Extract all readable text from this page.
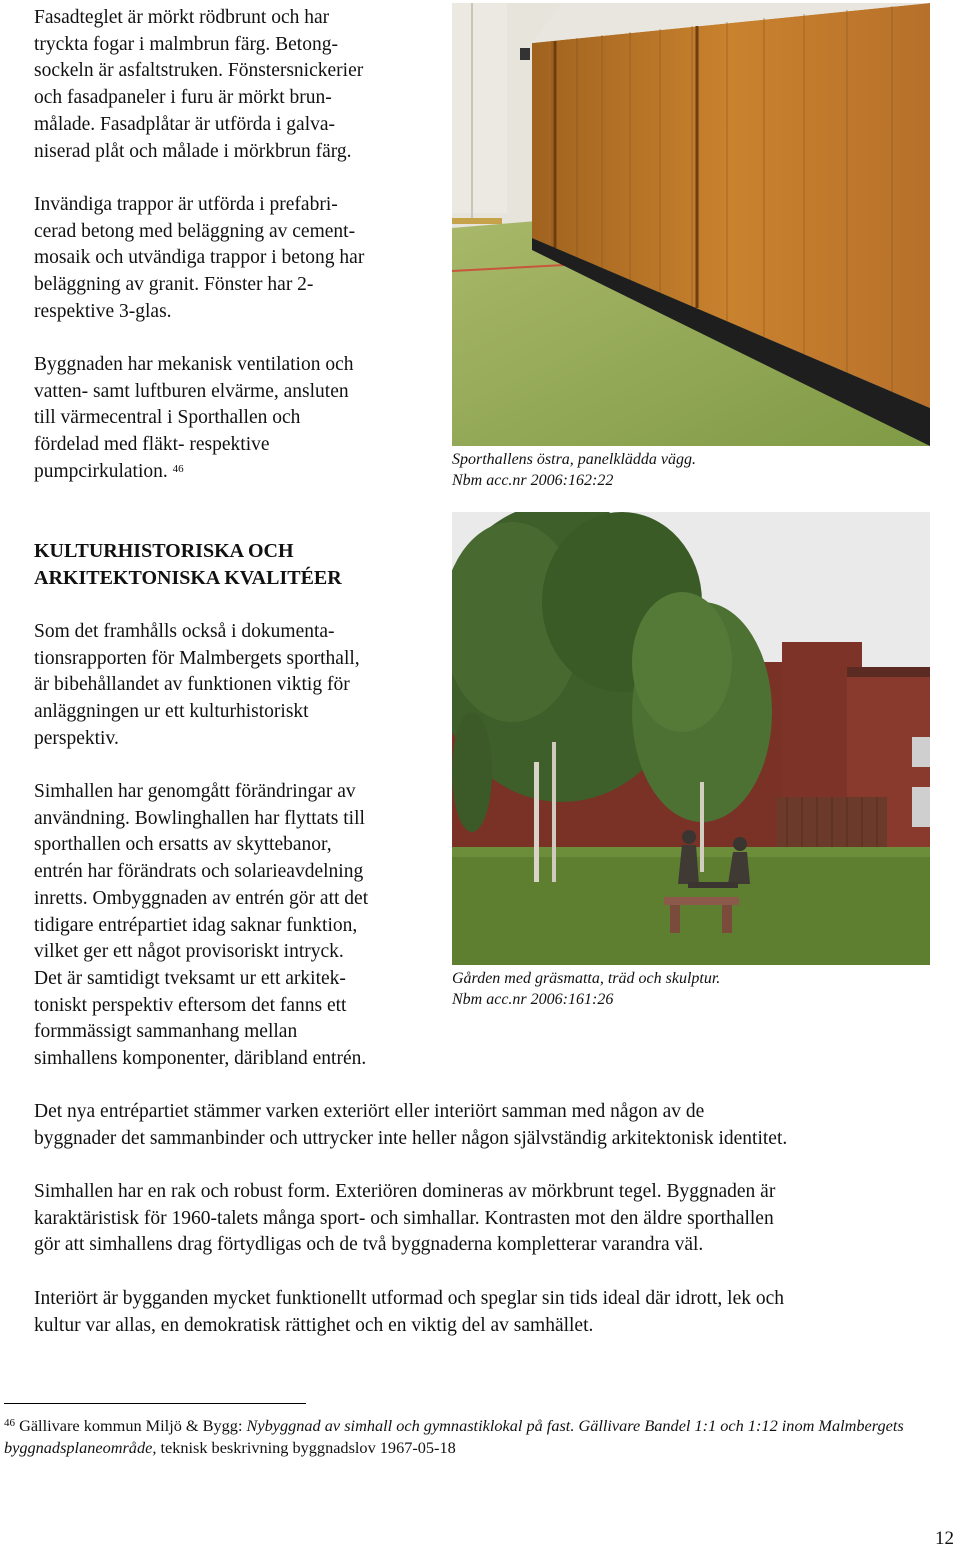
Fasadteglet är mörkt rödbrunt och har
tryckta fogar i malmbrun färg. Betong-
sockeln är asfaltstruken. Fönstersnickerier
och fasadpaneler i furu är mörkt brun-
målade. Fasadplåtar är utförda i galva-
niserad plåt och målade i mörkbrun färg.

Invändiga trappor är utförda i prefabri-
cerad betong med beläggning av cement-
mosaik och utvändiga trappor i betong har
beläggning av granit. Fönster har 2-
respektive 3-glas.

Byggnaden har mekanisk ventilation och
vatten- samt luftburen elvärme, ansluten
till värmecentral i Sporthallen och
fördelad med fläkt- respektive
pumpcirkulation. $^{46}$

KULTURHISTORISKA OCH
ARKITEKTONISKA KVALITÉER

Som det framhålls också i dokumenta-
tionsrapporten för Malmbergets sporthall,
är bibehållandet av funktionen viktig för
anläggningen ur ett kulturhistoriskt
perspektiv.

Simhallen har genomgått förändringar av
användning. Bowlinghallen har flyttats till
sporthallen och ersatts av skyttebanor,
entrén har förändrats och solarieavdelning
inretts. Ombyggnaden av entrén gör att det
tidigare entrépartiet idag saknar funktion,
vilket ger ett något provisoriskt intryck.
Det är samtidigt tveksamt ur ett arkitek-
toniskt perspektiv eftersom det fanns ett
formmässigt sammanhang mellan
simhallens komponenter, däribland entrén.

Sporthallens östra, panelklädda vägg.
Nbm acc.nr 2006:162:22

Gården med gräsmatta, träd och skulptur.
Nbm acc.nr 2006:161:26

Det nya entrépartiet stämmer varken exteriört eller interiört samman med någon av de
byggnader det sammanbinder och uttrycker inte heller någon självständig arkitektonisk identitet.

Simhallen har en rak och robust form. Exteriören domineras av mörkbrunt tegel. Byggnaden är
karaktäristisk för 1960-talets många sport- och simhallar. Kontrasten mot den äldre sporthallen
gör att simhallens drag förtydligas och de två byggnaderna kompletterar varandra väl.

Interiört är bygganden mycket funktionellt utformad och speglar sin tids ideal där idrott, lek och
kultur var allas, en demokratisk rättighet och en viktig del av samhället.

$^{46}$ Gällivare kommun Miljö & Bygg: Nybyggnad av simhall och gymnastiklokal på fast. Gällivare Bandel 1:1 och 1:12 inom Malmbergets byggnadsplaneområde, teknisk beskrivning byggnadslov 1967-05-18

12
